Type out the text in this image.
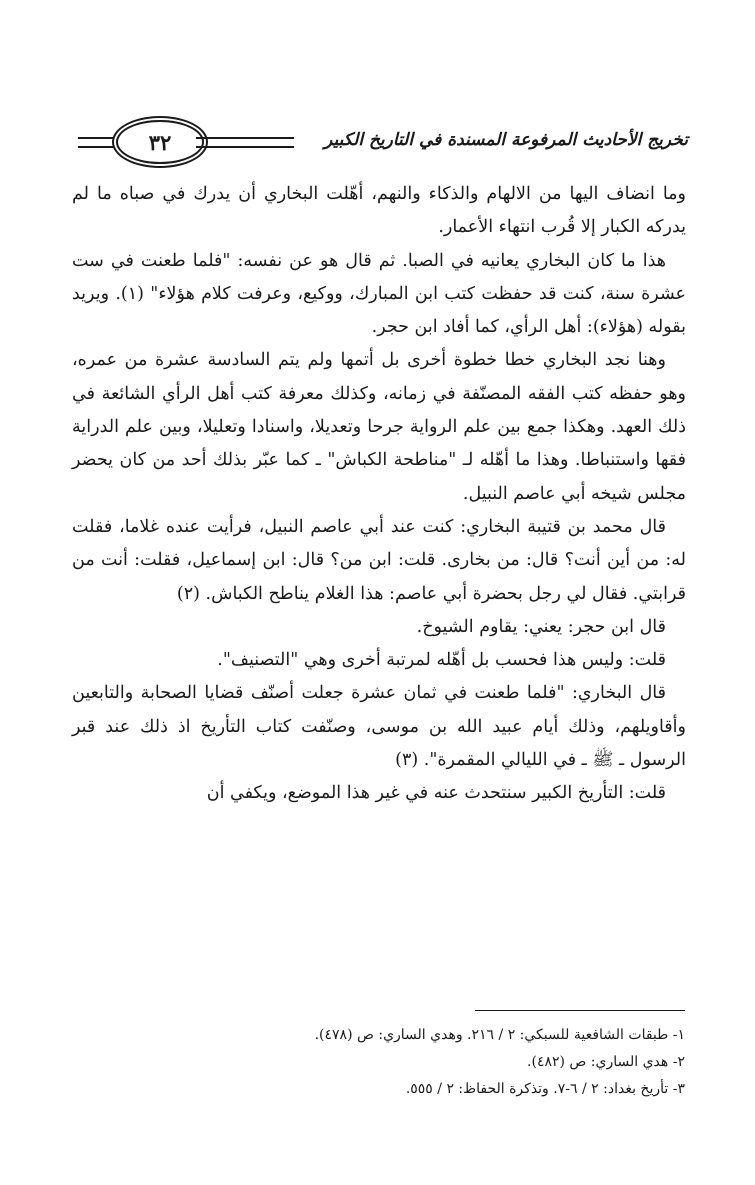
٣٢	تخريج الأحاديث المرفوعة المسندة في التاريخ الكبير

وما انضاف اليها من الالهام والذكاء والنهم، أهّلت البخاري أن يدرك في صباه ما لم يدركه الكبار إلا قُرب انتهاء الأعمار.

هذا ما كان البخاري يعانيه في الصبا. ثم قال هو عن نفسه: "فلما طعنت في ست عشرة سنة، كنت قد حفظت كتب ابن المبارك، ووكيع، وعرفت كلام هؤلاء" (١). ويريد بقوله (هؤلاء): أهل الرأي، كما أفاد ابن حجر.

وهنا نجد البخاري خطا خطوة أخرى بل أتمها ولم يتم السادسة عشرة من عمره، وهو حفظه كتب الفقه المصنّفة في زمانه، وكذلك معرفة كتب أهل الرأي الشائعة في ذلك العهد. وهكذا جمع بين علم الرواية جرحا وتعديلا، واسنادا وتعليلا، وبين علم الدراية فقها واستنباطا. وهذا ما أهّله لـ "مناطحة الكباش" ـ كما عبّر بذلك أحد من كان يحضر مجلس شيخه أبي عاصم النبيل.

قال محمد بن قتيبة البخاري: كنت عند أبي عاصم النبيل، فرأيت عنده غلاما، فقلت له: من أين أنت؟ قال: من بخارى. قلت: ابن من؟ قال: ابن إسماعيل، فقلت: أنت من قرابتي. فقال لي رجل بحضرة أبي عاصم: هذا الغلام يناطح الكباش. (٢)

قال ابن حجر: يعني: يقاوم الشيوخ.

قلت: وليس هذا فحسب بل أهّله لمرتبة أخرى وهي "التصنيف".

قال البخاري: "فلما طعنت في ثمان عشرة جعلت أصنّف قضايا الصحابة والتابعين وأقاويلهم، وذلك أيام عبيد الله بن موسى، وصنّفت كتاب التأريخ اذ ذلك عند قبر الرسول ـ ﷺ ـ في الليالي المقمرة". (٣)

قلت: التأريخ الكبير سنتحدث عنه في غير هذا الموضع، ويكفي أن

١- طبقات الشافعية للسبكي: ٢ / ٢١٦. وهدي الساري: ص (٤٧٨).
٢- هدي الساري: ص (٤٨٢).
٣- تأريخ بغداد: ٢ / ٦-٧. وتذكرة الحفاظ: ٢ / ٥٥٥.
